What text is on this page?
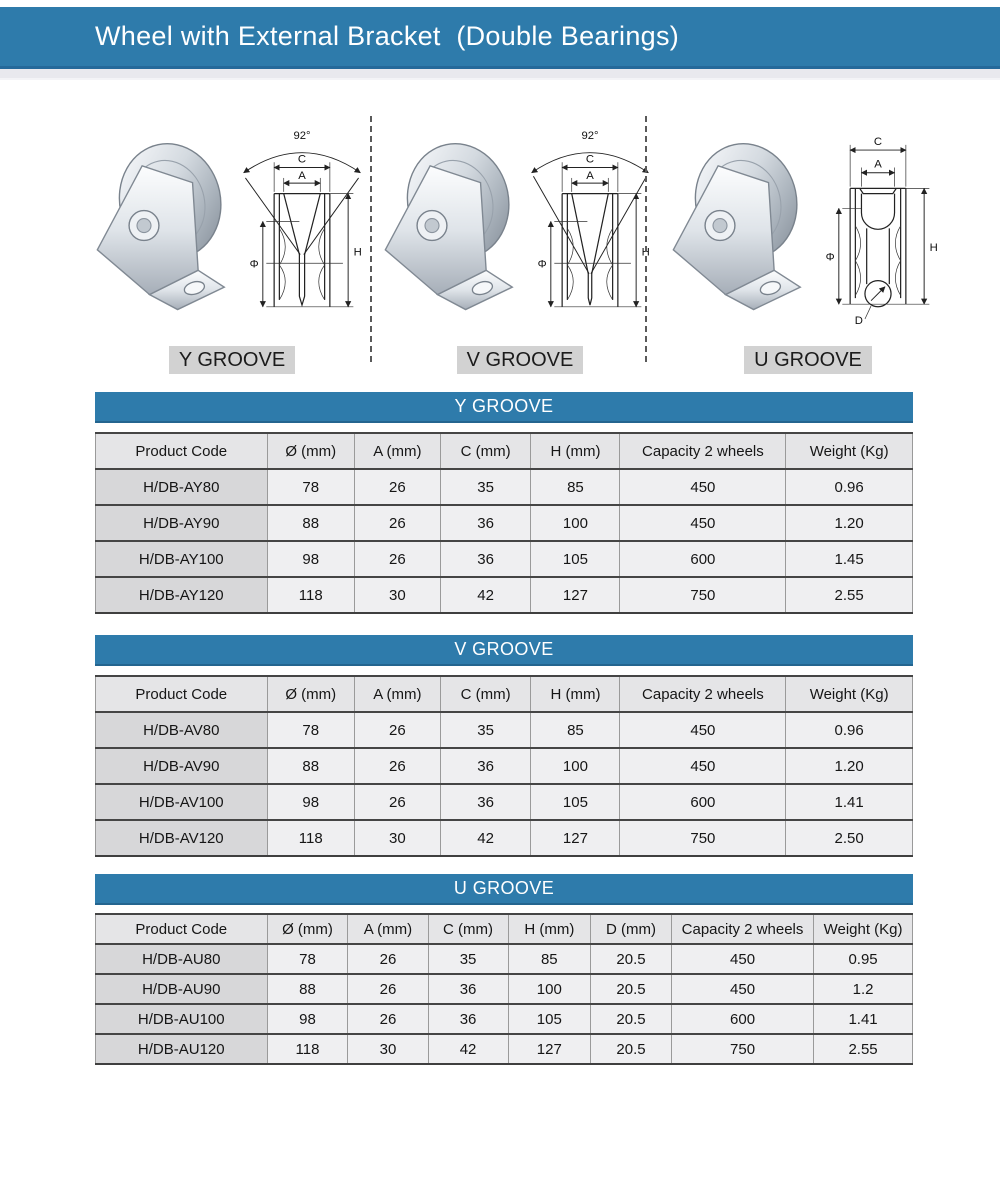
Wheel with External Bracket  (Double Bearings)
92°
C
A
Φ
H
Y GROOVE
92°
C
A
Φ
H
V GROOVE
C
A
D
Φ
H
U GROOVE
Y GROOVE
Product Code	Ø (mm)	A (mm)	C (mm)	H (mm)	Capacity 2 wheels	Weight (Kg)
H/DB-AY80	78	26	35	85	450	0.96
H/DB-AY90	88	26	36	100	450	1.20
H/DB-AY100	98	26	36	105	600	1.45
H/DB-AY120	118	30	42	127	750	2.55
V GROOVE
Product Code	Ø (mm)	A (mm)	C (mm)	H (mm)	Capacity 2 wheels	Weight (Kg)
H/DB-AV80	78	26	35	85	450	0.96
H/DB-AV90	88	26	36	100	450	1.20
H/DB-AV100	98	26	36	105	600	1.41
H/DB-AV120	118	30	42	127	750	2.50
U GROOVE
Product Code	Ø (mm)	A (mm)	C (mm)	H (mm)	D (mm)	Capacity 2 wheels	Weight (Kg)
H/DB-AU80	78	26	35	85	20.5	450	0.95
H/DB-AU90	88	26	36	100	20.5	450	1.2
H/DB-AU100	98	26	36	105	20.5	600	1.41
H/DB-AU120	118	30	42	127	20.5	750	2.55
